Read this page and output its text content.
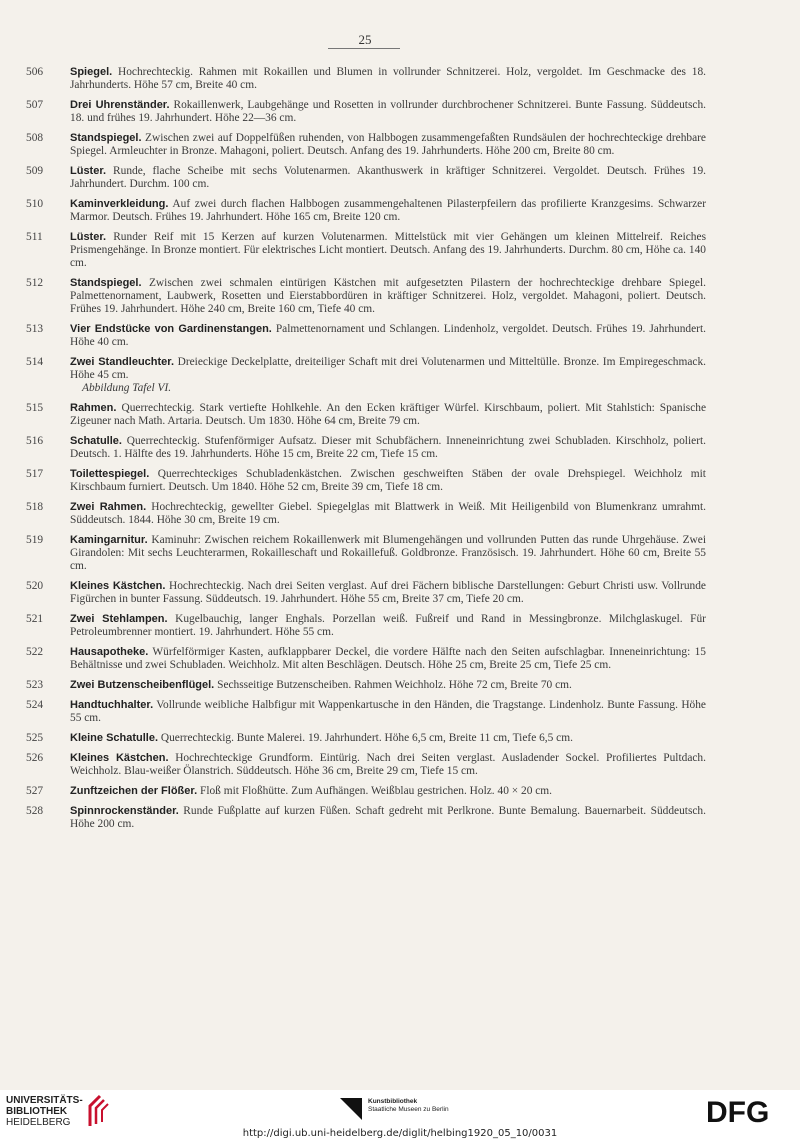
25
506	Spiegel. Hochrechteckig. Rahmen mit Rokaillen und Blumen in vollrunder Schnitzerei. Holz, vergoldet. Im Geschmacke des 18. Jahrhunderts. Höhe 57 cm, Breite 40 cm.
507	Drei Uhrenständer. Rokaillenwerk, Laubgehänge und Rosetten in vollrunder durchbrochener Schnitzerei. Bunte Fassung. Süddeutsch. 18. und frühes 19. Jahrhundert. Höhe 22—36 cm.
508	Standspiegel. Zwischen zwei auf Doppelfüßen ruhenden, von Halbbogen zusammengefaßten Rundsäulen der hochrechteckige drehbare Spiegel. Armleuchter in Bronze. Mahagoni, poliert. Deutsch. Anfang des 19. Jahrhunderts. Höhe 200 cm, Breite 80 cm.
509	Lüster. Runde, flache Scheibe mit sechs Volutenarmen. Akanthuswerk in kräftiger Schnitzerei. Vergoldet. Deutsch. Frühes 19. Jahrhundert. Durchm. 100 cm.
510	Kaminverkleidung. Auf zwei durch flachen Halbbogen zusammengehaltenen Pilasterpfeilern das profilierte Kranzgesims. Schwarzer Marmor. Deutsch. Frühes 19. Jahrhundert. Höhe 165 cm, Breite 120 cm.
511	Lüster. Runder Reif mit 15 Kerzen auf kurzen Volutenarmen. Mittelstück mit vier Gehängen um kleinen Mittelreif. Reiches Prismengehänge. In Bronze montiert. Für elektrisches Licht montiert. Deutsch. Anfang des 19. Jahrhunderts. Durchm. 80 cm, Höhe ca. 140 cm.
512	Standspiegel. Zwischen zwei schmalen eintürigen Kästchen mit aufgesetzten Pilastern der hochrechteckige drehbare Spiegel. Palmettenornament, Laubwerk, Rosetten und Eierstabbordüren in kräftiger Schnitzerei. Holz, vergoldet. Mahagoni, poliert. Deutsch. Frühes 19. Jahrhundert. Höhe 240 cm, Breite 160 cm, Tiefe 40 cm.
513	Vier Endstücke von Gardinenstangen. Palmettenornament und Schlangen. Lindenholz, vergoldet. Deutsch. Frühes 19. Jahrhundert. Höhe 40 cm.
514	Zwei Standleuchter. Dreieckige Deckelplatte, dreiteiliger Schaft mit drei Volutenarmen und Mitteltülle. Bronze. Im Empiregeschmack. Höhe 45 cm.
Abbildung Tafel VI.
515	Rahmen. Querrechteckig. Stark vertiefte Hohlkehle. An den Ecken kräftiger Würfel. Kirschbaum, poliert. Mit Stahlstich: Spanische Zigeuner nach Math. Artaria. Deutsch. Um 1830. Höhe 64 cm, Breite 79 cm.
516	Schatulle. Querrechteckig. Stufenförmiger Aufsatz. Dieser mit Schubfächern. Inneneinrichtung zwei Schubladen. Kirschholz, poliert. Deutsch. 1. Hälfte des 19. Jahrhunderts. Höhe 15 cm, Breite 22 cm, Tiefe 15 cm.
517	Toilettespiegel. Querrechteckiges Schubladenkästchen. Zwischen geschweiften Stäben der ovale Drehspiegel. Weichholz mit Kirschbaum furniert. Deutsch. Um 1840. Höhe 52 cm, Breite 39 cm, Tiefe 18 cm.
518	Zwei Rahmen. Hochrechteckig, gewellter Giebel. Spiegelglas mit Blattwerk in Weiß. Mit Heiligenbild von Blumenkranz umrahmt. Süddeutsch. 1844. Höhe 30 cm, Breite 19 cm.
519	Kamingarnitur. Kaminuhr: Zwischen reichem Rokaillenwerk mit Blumengehängen und vollrunden Putten das runde Uhrgehäuse. Zwei Girandolen: Mit sechs Leuchterarmen, Rokailleschaft und Rokaillefuß. Goldbronze. Französisch. 19. Jahrhundert. Höhe 60 cm, Breite 55 cm.
520	Kleines Kästchen. Hochrechteckig. Nach drei Seiten verglast. Auf drei Fächern biblische Darstellungen: Geburt Christi usw. Vollrunde Figürchen in bunter Fassung. Süddeutsch. 19. Jahrhundert. Höhe 55 cm, Breite 37 cm, Tiefe 20 cm.
521	Zwei Stehlampen. Kugelbauchig, langer Enghals. Porzellan weiß. Fußreif und Rand in Messingbronze. Milchglaskugel. Für Petroleumbrenner montiert. 19. Jahrhundert. Höhe 55 cm.
522	Hausapotheke. Würfelförmiger Kasten, aufklappbarer Deckel, die vordere Hälfte nach den Seiten aufschlagbar. Inneneinrichtung: 15 Behältnisse und zwei Schubladen. Weichholz. Mit alten Beschlägen. Deutsch. Höhe 25 cm, Breite 25 cm, Tiefe 25 cm.
523	Zwei Butzenscheibenflügel. Sechsseitige Butzenscheiben. Rahmen Weichholz. Höhe 72 cm, Breite 70 cm.
524	Handtuchhalter. Vollrunde weibliche Halbfigur mit Wappenkartusche in den Händen, die Tragstange. Lindenholz. Bunte Fassung. Höhe 55 cm.
525	Kleine Schatulle. Querrechteckig. Bunte Malerei. 19. Jahrhundert. Höhe 6,5 cm, Breite 11 cm, Tiefe 6,5 cm.
526	Kleines Kästchen. Hochrechteckige Grundform. Eintürig. Nach drei Seiten verglast. Ausladender Sockel. Profiliertes Pultdach. Weichholz. Blau-weißer Ölanstrich. Süddeutsch. Höhe 36 cm, Breite 29 cm, Tiefe 15 cm.
527	Zunftzeichen der Flößer. Floß mit Floßhütte. Zum Aufhängen. Weißblau gestrichen. Holz. 40 × 20 cm.
528	Spinnrockenständer. Runde Fußplatte auf kurzen Füßen. Schaft gedreht mit Perlkrone. Bunte Bemalung. Bauernarbeit. Süddeutsch. Höhe 200 cm.
UNIVERSITÄTS-
BIBLIOTHEK
HEIDELBERG
Kunstbibliothek
Staatliche Museen zu Berlin	DFG
http://digi.ub.uni-heidelberg.de/diglit/helbing1920_05_10/0031
